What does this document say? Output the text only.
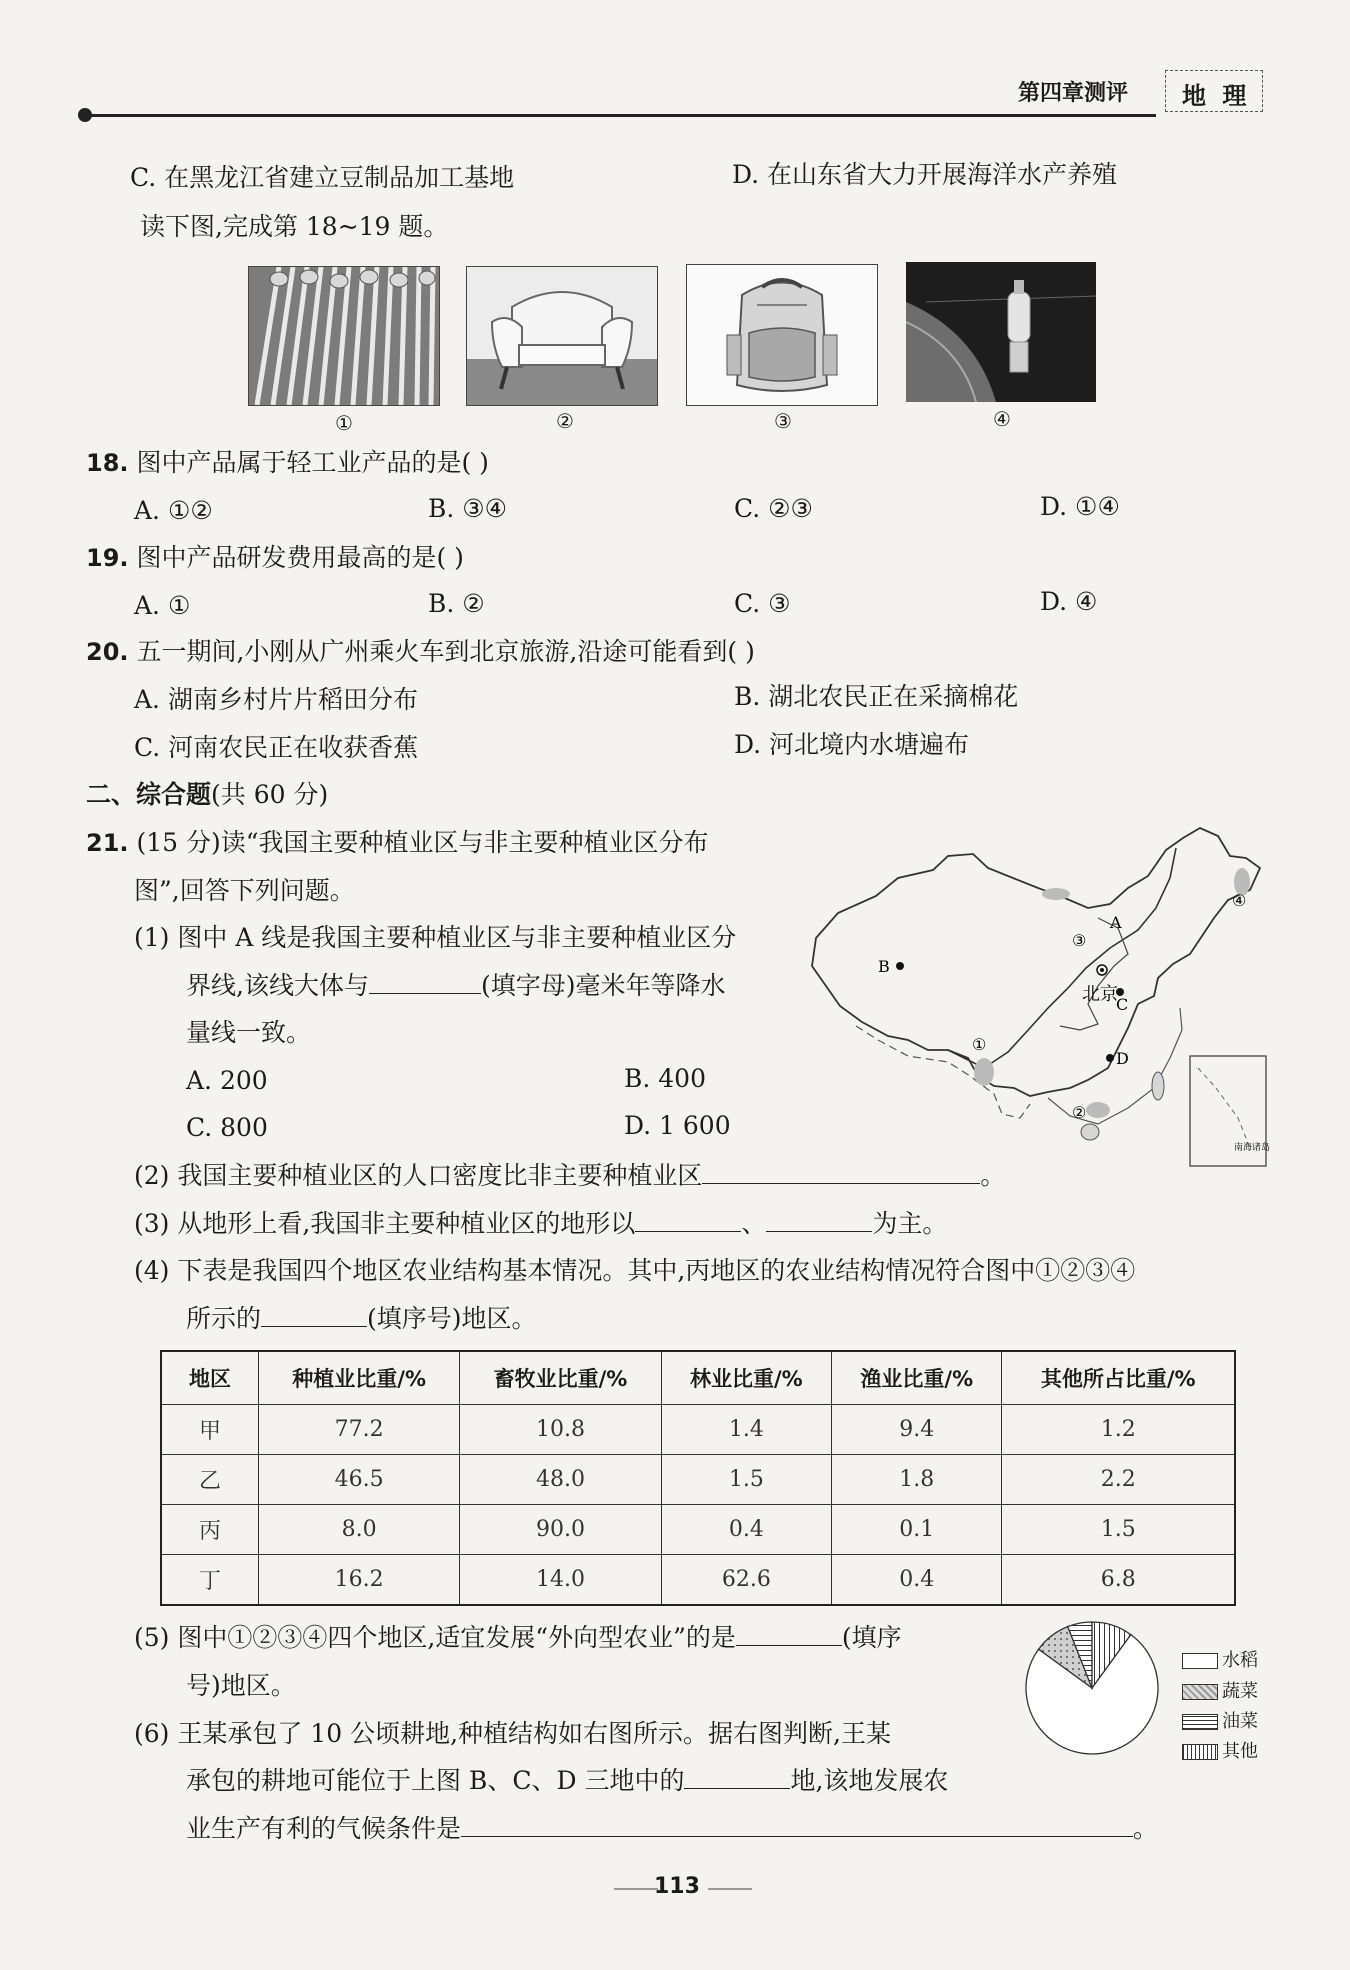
第四章测评 地 理
C. 在黑龙江省建立豆制品加工基地	D. 在山东省大力开展海洋水产养殖
读下图,完成第 18~19 题。
①	②	③	④
18. 图中产品属于轻工业产品的是( )
A. ①②	B. ③④	C. ②③	D. ①④
19. 图中产品研发费用最高的是( )
A. ①	B. ②	C. ③	D. ④
20. 五一期间,小刚从广州乘火车到北京旅游,沿途可能看到( )
A. 湖南乡村片片稻田分布	B. 湖北农民正在采摘棉花
C. 河南农民正在收获香蕉	D. 河北境内水塘遍布
二、综合题(共 60 分)
21. (15 分)读“我国主要种植业区与非主要种植业区分布
图”,回答下列问题。
(1) 图中 A 线是我国主要种植业区与非主要种植业区分
界线,该线大体与	(填字母)毫米年等降水
量线一致。
A. 200	B. 400
C. 800	D. 1 600
B
北京
C
D
A
①
②
③
④
南海诸岛
(2) 我国主要种植业区的人口密度比非主要种植业区	。
(3) 从地形上看,我国非主要种植业区的地形以	、	为主。
(4) 下表是我国四个地区农业结构基本情况。其中,丙地区的农业结构情况符合图中①②③④
所示的	(填序号)地区。
地区	种植业比重/%	畜牧业比重/%	林业比重/%	渔业比重/%	其他所占比重/%
甲	77.2	10.8	1.4	9.4	1.2
乙	46.5	48.0	1.5	1.8	2.2
丙	8.0	90.0	0.4	0.1	1.5
丁	16.2	14.0	62.6	0.4	6.8
(5) 图中①②③④四个地区,适宜发展“外向型农业”的是	(填序
号)地区。
(6) 王某承包了 10 公顷耕地,种植结构如右图所示。据右图判断,王某
承包的耕地可能位于上图 B、C、D 三地中的	地,该地发展农
业生产有利的气候条件是	。
水稻
蔬菜
油菜
其他
113
